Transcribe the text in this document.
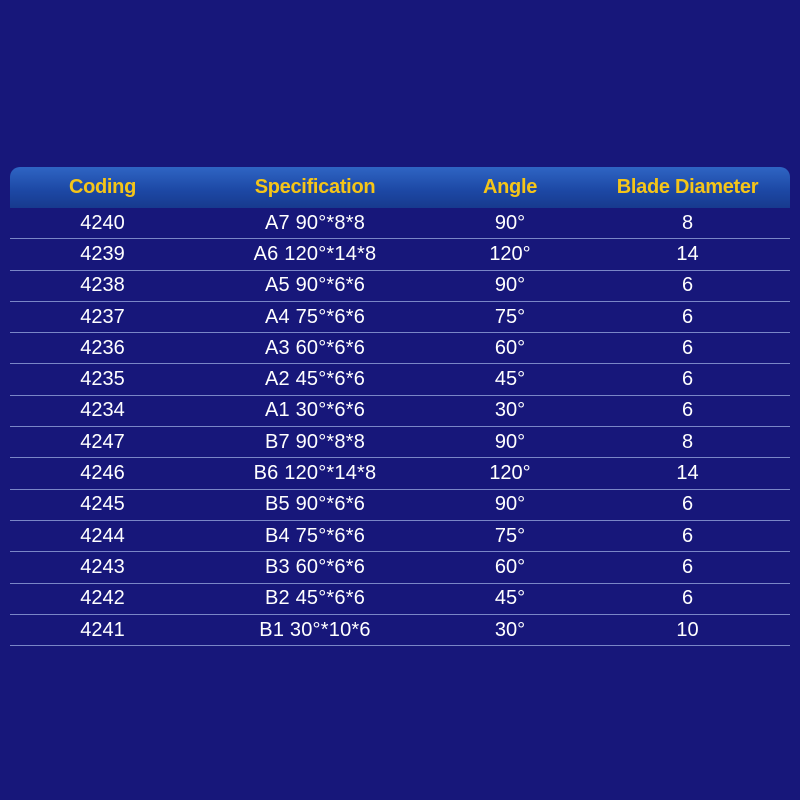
Coding	Specification	Angle	Blade Diameter
4240	A7 90°*8*8	90°	8
4239	A6 120°*14*8	120°	14
4238	A5 90°*6*6	90°	6
4237	A4 75°*6*6	75°	6
4236	A3 60°*6*6	60°	6
4235	A2 45°*6*6	45°	6
4234	A1 30°*6*6	30°	6
4247	B7 90°*8*8	90°	8
4246	B6 120°*14*8	120°	14
4245	B5 90°*6*6	90°	6
4244	B4 75°*6*6	75°	6
4243	B3 60°*6*6	60°	6
4242	B2 45°*6*6	45°	6
4241	B1 30°*10*6	30°	10
